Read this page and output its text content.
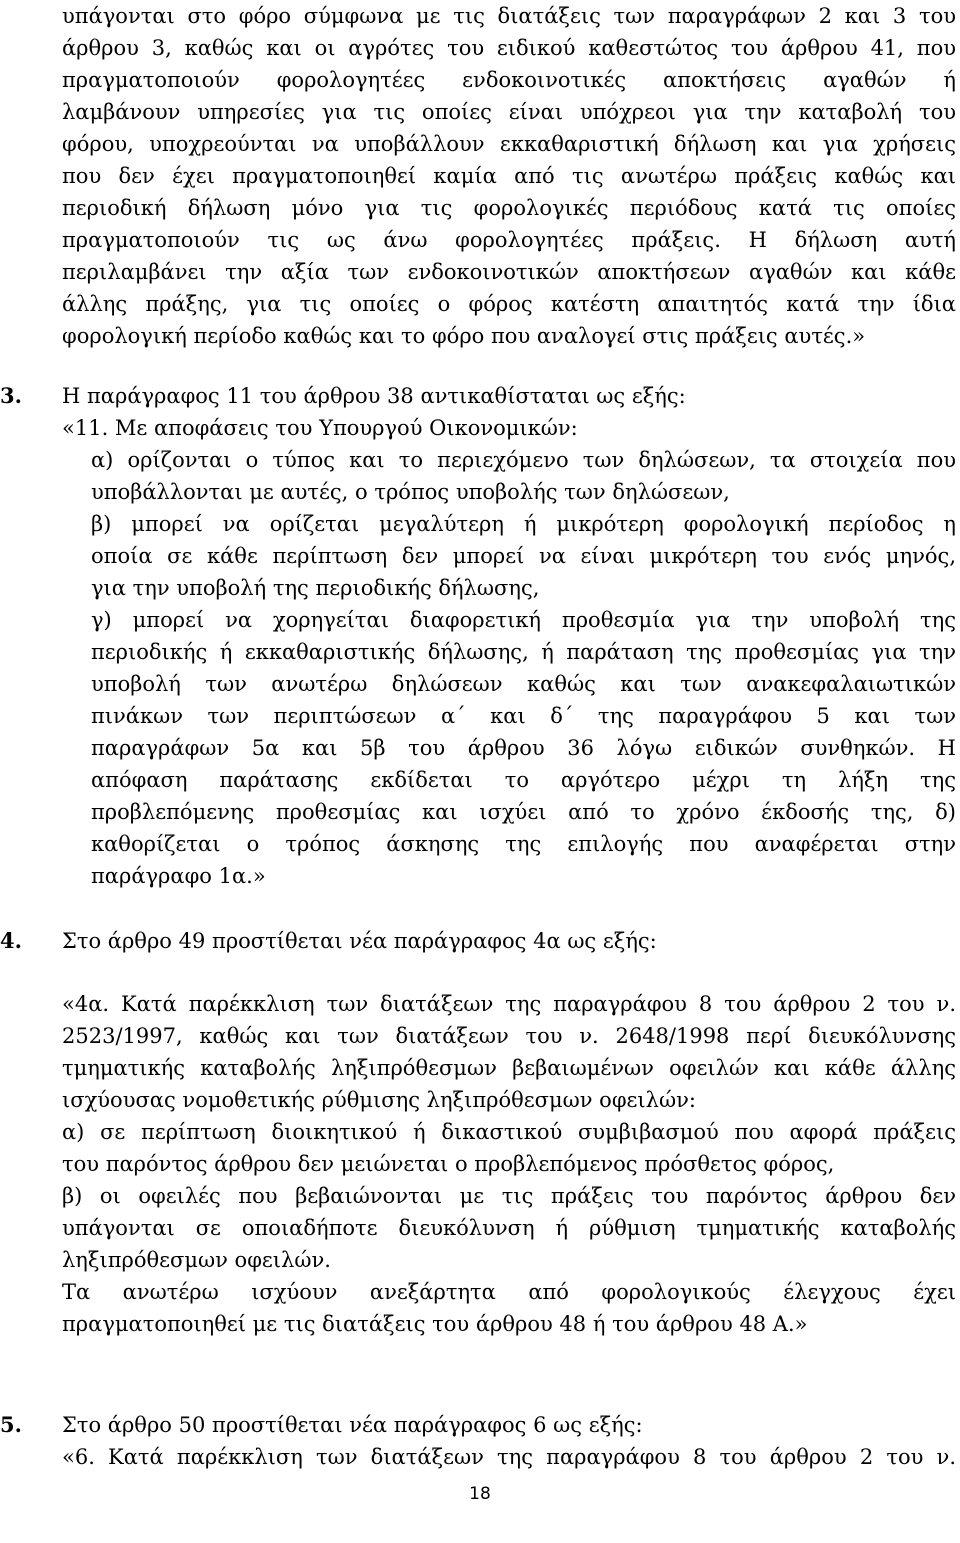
υπάγονται στο φόρο σύμφωνα με τις διατάξεις των παραγράφων 2 και 3 του
άρθρου 3, καθώς και οι αγρότες του ειδικού καθεστώτος του άρθρου 41, που
πραγματοποιούν φορολογητέες ενδοκοινοτικές αποκτήσεις αγαθών ή
λαμβάνουν υπηρεσίες για τις οποίες είναι υπόχρεοι για την καταβολή του
φόρου, υποχρεούνται να υποβάλλουν εκκαθαριστική δήλωση και για χρήσεις
που δεν έχει πραγματοποιηθεί καμία από τις ανωτέρω πράξεις καθώς και
περιοδική δήλωση μόνο για τις φορολογικές περιόδους κατά τις οποίες
πραγματοποιούν τις ως άνω φορολογητέες πράξεις. Η δήλωση αυτή
περιλαμβάνει την αξία των ενδοκοινοτικών αποκτήσεων αγαθών και κάθε
άλλης πράξης, για τις οποίες ο φόρος κατέστη απαιτητός κατά την ίδια
φορολογική περίοδο καθώς και το φόρο που αναλογεί στις πράξεις αυτές.»
3. Η παράγραφος 11 του άρθρου 38 αντικαθίσταται ως εξής:
«11. Με αποφάσεις του Υπουργού Οικονομικών:
α) ορίζονται ο τύπος και το περιεχόμενο των δηλώσεων, τα στοιχεία που
υποβάλλονται με αυτές, ο τρόπος υποβολής των δηλώσεων,
β) μπορεί να ορίζεται μεγαλύτερη ή μικρότερη φορολογική περίοδος η
οποία σε κάθε περίπτωση δεν μπορεί να είναι μικρότερη του ενός μηνός,
για την υποβολή της περιοδικής δήλωσης,
γ) μπορεί να χορηγείται διαφορετική προθεσμία για την υποβολή της
περιοδικής ή εκκαθαριστικής δήλωσης, ή παράταση της προθεσμίας για την
υποβολή των ανωτέρω δηλώσεων καθώς και των ανακεφαλαιωτικών
πινάκων των περιπτώσεων α΄ και δ΄ της παραγράφου 5 και των
παραγράφων 5α και 5β του άρθρου 36 λόγω ειδικών συνθηκών. Η
απόφαση παράτασης εκδίδεται το αργότερο μέχρι τη λήξη της
προβλεπόμενης προθεσμίας και ισχύει από το χρόνο έκδοσής της, δ)
καθορίζεται ο τρόπος άσκησης της επιλογής που αναφέρεται στην
παράγραφο 1α.»
4. Στο άρθρο 49 προστίθεται νέα παράγραφος 4α ως εξής:
«4α. Κατά παρέκκλιση των διατάξεων της παραγράφου 8 του άρθρου 2 του ν.
2523/1997, καθώς και των διατάξεων του ν. 2648/1998 περί διευκόλυνσης
τμηματικής καταβολής ληξιπρόθεσμων βεβαιωμένων οφειλών και κάθε άλλης
ισχύουσας νομοθετικής ρύθμισης ληξιπρόθεσμων οφειλών:
α) σε περίπτωση διοικητικού ή δικαστικού συμβιβασμού που αφορά πράξεις
του παρόντος άρθρου δεν μειώνεται ο προβλεπόμενος πρόσθετος φόρος,
β) οι οφειλές που βεβαιώνονται με τις πράξεις του παρόντος άρθρου δεν
υπάγονται σε οποιαδήποτε διευκόλυνση ή ρύθμιση τμηματικής καταβολής
ληξιπρόθεσμων οφειλών.
Τα ανωτέρω ισχύουν ανεξάρτητα από φορολογικούς έλεγχους έχει
πραγματοποιηθεί με τις διατάξεις του άρθρου 48 ή του άρθρου 48 Α.»
5. Στο άρθρο 50 προστίθεται νέα παράγραφος 6 ως εξής:
«6. Κατά παρέκκλιση των διατάξεων της παραγράφου 8 του άρθρου 2 του ν.
18
